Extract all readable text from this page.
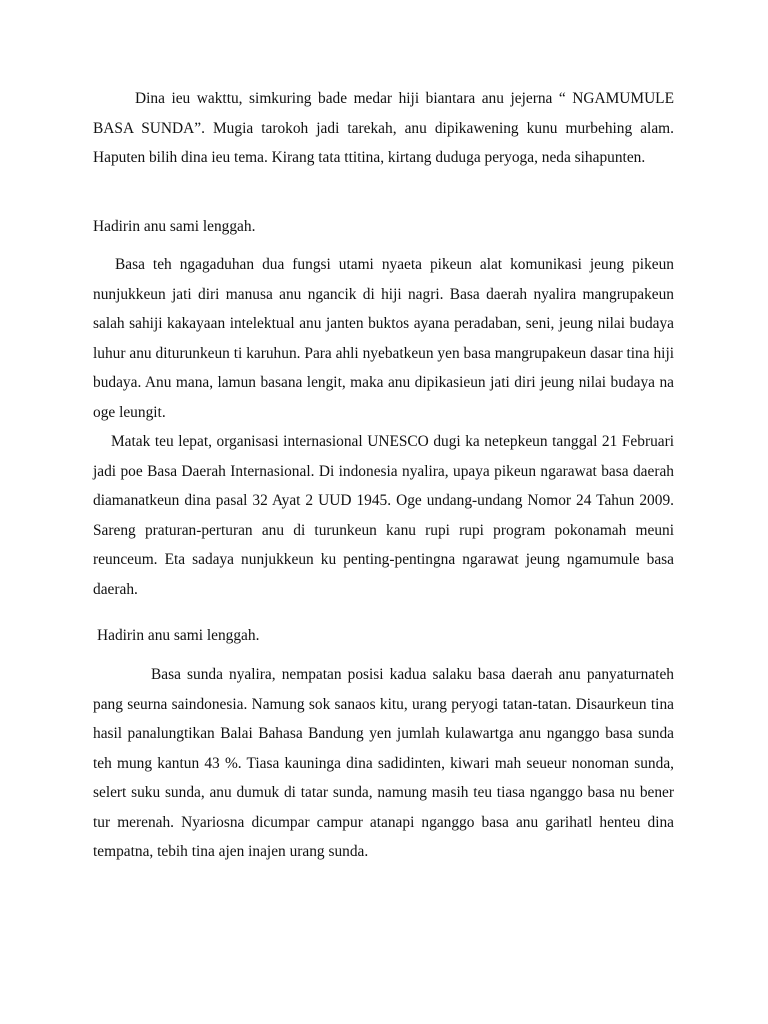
Dina ieu wakttu, simkuring bade medar hiji biantara anu jejerna “ NGAMUMULE BASA SUNDA”. Mugia tarokoh jadi tarekah, anu dipikawening kunu murbehing alam. Haputen bilih dina ieu tema. Kirang tata ttitina, kirtang duduga peryoga, neda sihapunten.

Hadirin anu sami lenggah.

Basa teh ngagaduhan dua fungsi utami nyaeta pikeun alat komunikasi jeung pikeun nunjukkeun jati diri manusa anu ngancik di hiji nagri. Basa daerah nyalira mangrupakeun salah sahiji kakayaan intelektual anu janten buktos ayana peradaban, seni, jeung nilai budaya luhur anu diturunkeun ti karuhun. Para ahli nyebatkeun yen basa mangrupakeun dasar tina hiji budaya. Anu mana, lamun basana lengit, maka anu dipikasieun jati diri jeung nilai budaya na oge leungit.

Matak teu lepat, organisasi internasional UNESCO dugi ka netepkeun tanggal 21 Februari jadi poe Basa Daerah Internasional. Di indonesia nyalira, upaya pikeun ngarawat basa daerah diamanatkeun dina pasal 32 Ayat 2 UUD 1945. Oge undang-undang Nomor 24 Tahun 2009. Sareng praturan-perturan anu di turunkeun kanu rupi rupi program pokonamah meuni reunceum. Eta sadaya nunjukkeun ku penting-pentingna ngarawat jeung ngamumule basa daerah.

Hadirin anu sami lenggah.

Basa sunda nyalira, nempatan posisi kadua salaku basa daerah anu panyaturnateh pang seurna saindonesia. Namung sok sanaos kitu, urang peryogi tatan-tatan. Disaurkeun tina hasil panalungtikan Balai Bahasa Bandung yen jumlah kulawartga anu nganggo basa sunda teh mung kantun 43 %. Tiasa kauninga dina sadidinten, kiwari mah seueur nonoman sunda, selert suku sunda, anu dumuk di tatar sunda, namung masih teu tiasa nganggo basa nu bener tur merenah. Nyariosna dicumpar campur atanapi nganggo basa anu garihatl henteu dina tempatna, tebih tina ajen inajen urang sunda.
